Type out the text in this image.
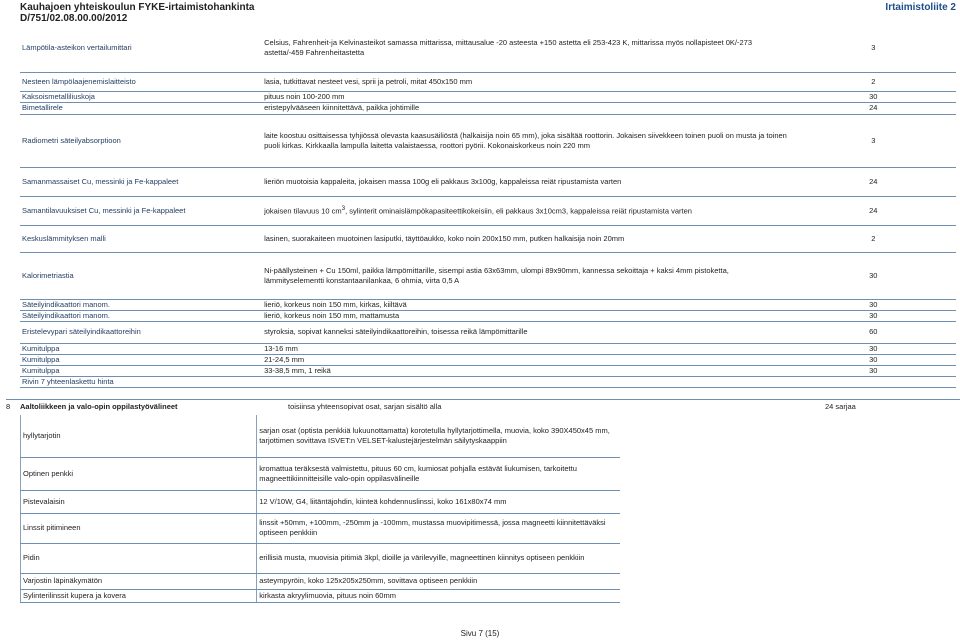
Kauhajoen yhteiskoulun FYKE-irtaimistohankinta
D/751/02.08.00.00/2012
Irtaimistoliite 2
Lämpötila-asteikon vertailumittari	Celsius, Fahrenheit-ja Kelvinasteikot samassa mittarissa, mittausalue -20 asteesta +150 astetta eli 253-423 K, mittarissa myös nollapisteet 0K/-273 astetta/-459 Fahrenheitastetta	3
Nesteen lämpölaajenemislaitteisto	lasia, tutkittavat nesteet vesi, sprii ja petroli, mitat 450x150 mm	2
Kaksoismetalliliuskoja	pituus noin 100-200 mm	30
Bimetallirele	eristepylvääseen kiinnitettävä, paikka johtimille	24
Radiometri säteilyabsorptioon	laite koostuu osittaisessa tyhjiössä olevasta kaasusäiliöstä (halkaisija noin 65 mm), joka sisältää roottorin. Jokaisen siivekkeen toinen puoli on musta ja toinen puoli kirkas. Kirkkaalla lampulla laitetta valaistaessa, roottori pyörii. Kokonaiskorkeus noin 220 mm	3
Samanmassaiset Cu, messinki ja Fe-kappaleet	lieriön muotoisia kappaleita, jokaisen massa 100g eli pakkaus 3x100g, kappaleissa reiät ripustamista varten	24
Samantilavuuksiset Cu, messinki ja Fe-kappaleet	jokaisen tilavuus 10 $cm^3$, sylinterit ominaislämpökapasiteettikokeisiin, eli pakkaus 3x10cm3, kappaleissa reiät ripustamista varten	24
Keskuslämmityksen malli	lasinen, suorakaiteen muotoinen lasiputki, täyttöaukko, koko noin 200x150 mm, putken halkaisija noin 20mm	2
Kalorimetriastia	Ni-päällysteinen + Cu 150ml, paikka lämpömittarille, sisempi astia 63x63mm, ulompi 89x90mm, kannessa sekoittaja + kaksi 4mm pistoketta, lämmityselementti konstantaanilankaa, 6 ohmia, virta 0,5 A	30
Säteilyindikaattori manom.	lieriö, korkeus noin 150 mm, kirkas, kiiltävä	30
Säteilyindikaattori manom.	lieriö, korkeus noin 150 mm, mattamusta	30
Eristelevypari säteilyindikaattoreihin	styroksia, sopivat kanneksi säteilyindikaattoreihin, toisessa reikä lämpömittarille	60
Kumitulppa	13-16 mm	30
Kumitulppa	21-24,5 mm	30
Kumitulppa	33-38,5 mm, 1 reikä	30
Rivin 7 yhteenlaskettu hinta		
8 Aaltoliikkeen ja valo-opin oppilastyövälineet	toisiinsa yhteensopivat osat, sarjan sisältö alla	24 sarjaa
hyllytarjotin	sarjan osat (optista penkkiä lukuunottamatta) korotetulla hyllytarjottimella, muovia, koko 390X450x45 mm, tarjottimen sovittava ISVET:n VELSET-kalustejärjestelmän säilytyskaappiin
Optinen penkki	kromattua teräksestä valmistettu, pituus 60 cm, kumiosat pohjalla estävät liukumisen, tarkoitettu magneettikiinnitteisille valo-opin oppilasvälineille
Pistevalaisin	12 V/10W, G4, liitäntäjohdin, kiinteä kohdennuslinssi, koko 161x80x74 mm
Linssit pitimineen	linssit +50mm, +100mm, -250mm ja -100mm, mustassa muovipitimessä, jossa magneetti kiinnitettäväksi optiseen penkkiin
Pidin	erillisiä musta, muovisia pitimiä 3kpl, dioille ja värilevyille, magneettinen kiinnitys optiseen penkkiin
Varjostin läpinäkymätön	asteympyröin, koko 125x205x250mm, sovittava optiseen penkkiin
Sylinterilinssit kupera ja kovera	kirkasta akryylimuovia, pituus noin 60mm
Sivu 7 (15)
